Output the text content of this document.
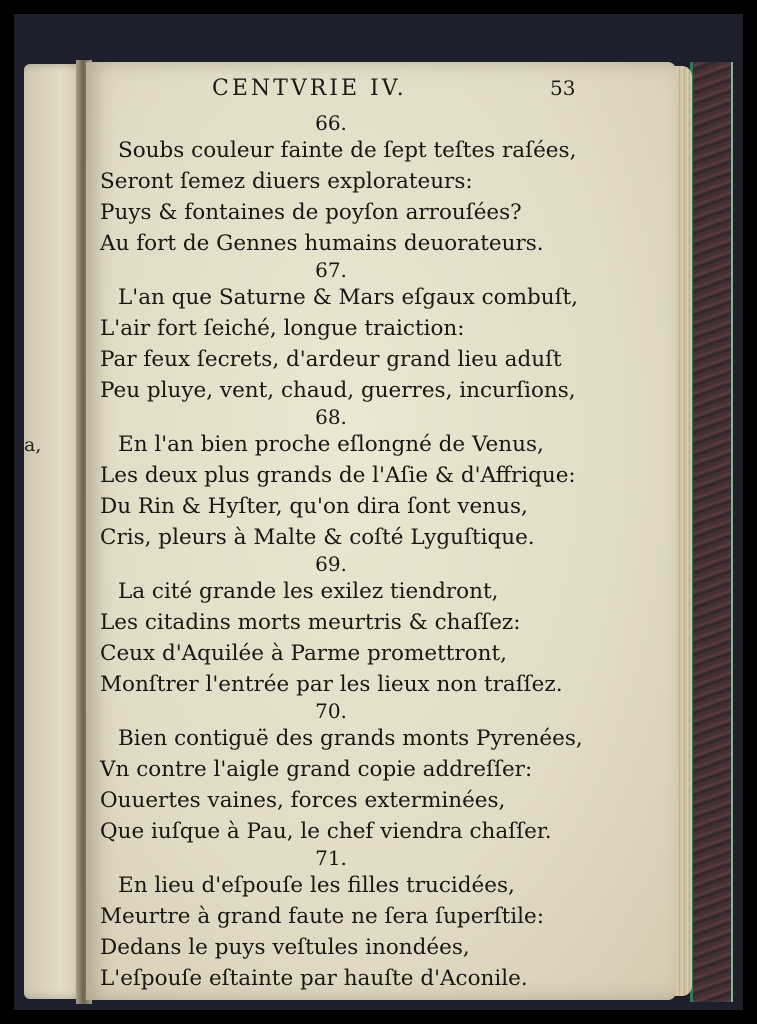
a,
CENTVRIE IV.	53
66.
Soubs couleur fainte de ſept teſtes raſées,
Seront ſemez diuers explorateurs:
Puys & fontaines de poyſon arrouſées?
Au fort de Gennes humains deuorateurs.
67.
L'an que Saturne & Mars eſgaux combuſt,
L'air fort ſeiché, longue traiction:
Par feux ſecrets, d'ardeur grand lieu aduſt
Peu pluye, vent, chaud, guerres, incurſions,
68.
En l'an bien proche eſlongné de Venus,
Les deux plus grands de l'Aſie & d'Affrique:
Du Rin & Hyſter, qu'on dira ſont venus,
Cris, pleurs à Malte & coſté Lyguſtique.
69.
La cité grande les exilez tiendront,
Les citadins morts meurtris & chaſſez:
Ceux d'Aquilée à Parme promettront,
Monſtrer l'entrée par les lieux non traſſez.
70.
Bien contiguë des grands monts Pyrenées,
Vn contre l'aigle grand copie addreſſer:
Ouuertes vaines, forces exterminées,
Que iuſque à Pau, le chef viendra chaſſer.
71.
En lieu d'eſpouſe les filles trucidées,
Meurtre à grand faute ne ſera ſuperſtile:
Dedans le puys veſtules inondées,
L'eſpouſe eſtainte par hauſte d'Aconile.
